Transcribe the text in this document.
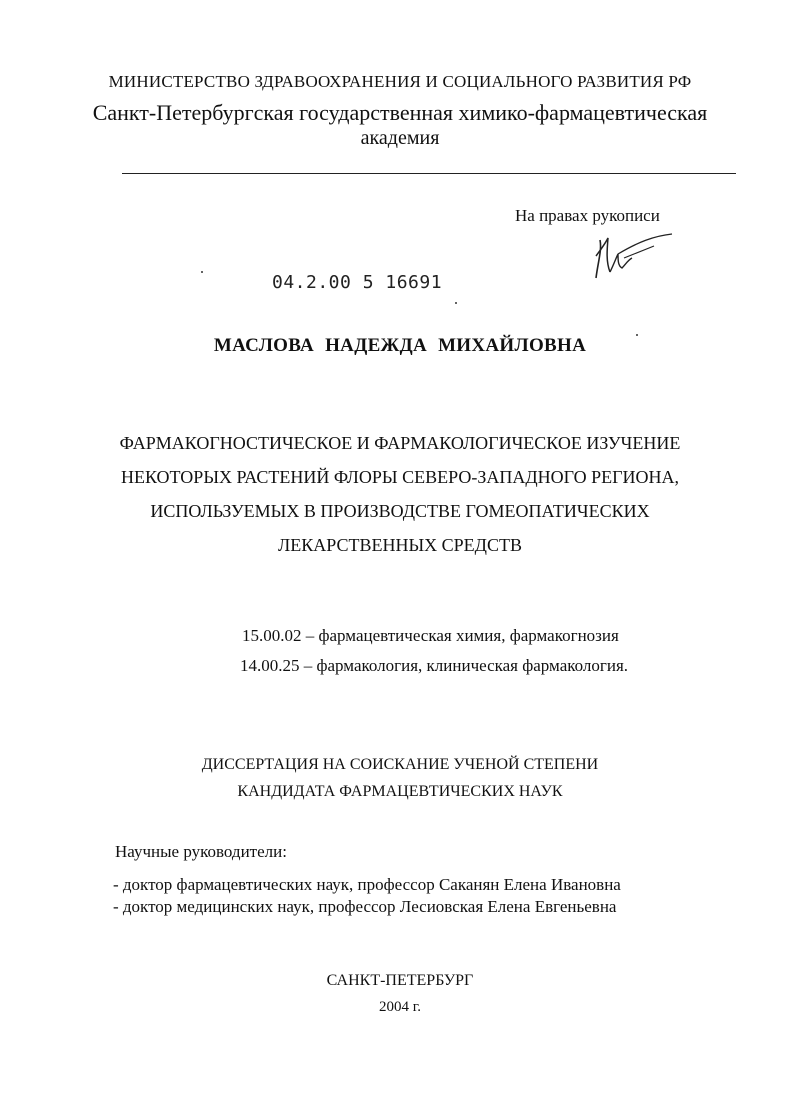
МИНИСТЕРСТВО ЗДРАВООХРАНЕНИЯ И СОЦИАЛЬНОГО РАЗВИТИЯ РФ
Санкт-Петербургская государственная химико-фармацевтическая
академия
На правах рукописи
04.2.00 5 16691
МАСЛОВА НАДЕЖДА МИХАЙЛОВНА
ФАРМАКОГНОСТИЧЕСКОЕ И ФАРМАКОЛОГИЧЕСКОЕ ИЗУЧЕНИЕ
НЕКОТОРЫХ РАСТЕНИЙ ФЛОРЫ СЕВЕРО-ЗАПАДНОГО РЕГИОНА,
ИСПОЛЬЗУЕМЫХ В ПРОИЗВОДСТВЕ ГОМЕОПАТИЧЕСКИХ
ЛЕКАРСТВЕННЫХ СРЕДСТВ
15.00.02 – фармацевтическая химия, фармакогнозия
14.00.25 – фармакология, клиническая фармакология.
ДИССЕРТАЦИЯ НА СОИСКАНИЕ УЧЕНОЙ СТЕПЕНИ
КАНДИДАТА ФАРМАЦЕВТИЧЕСКИХ НАУК
Научные руководители:
- доктор фармацевтических наук, профессор Саканян Елена Ивановна
- доктор медицинских наук, профессор Лесиовская Елена Евгеньевна
САНКТ-ПЕТЕРБУРГ
2004 г.
